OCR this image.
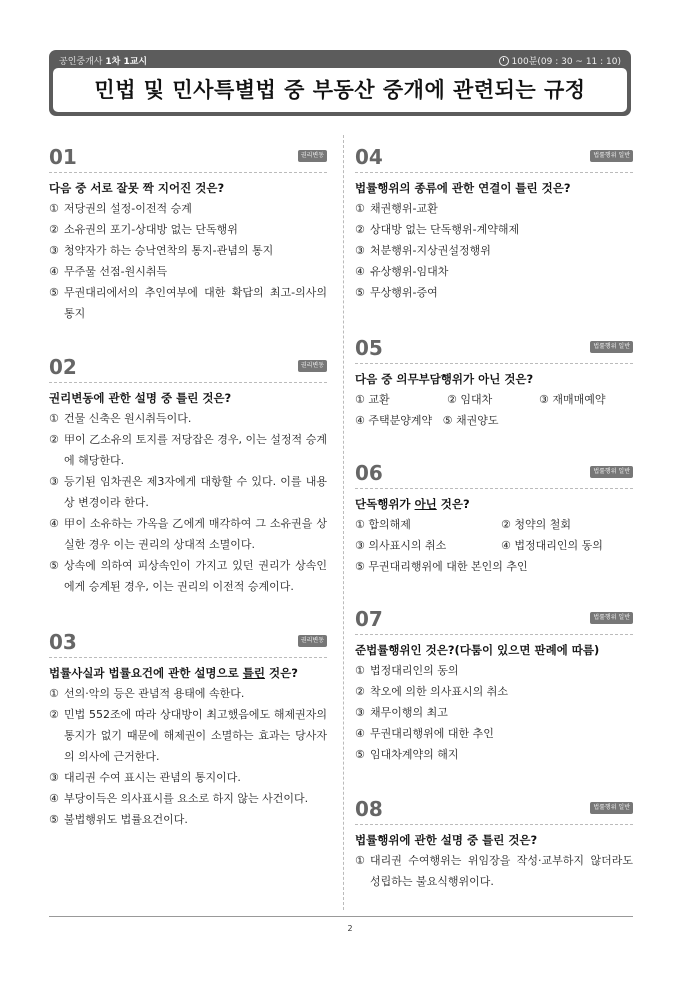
공인중개사 1차 1교시	100분(09 : 30 ~ 11 : 10)
민법 및 민사특별법 중 부동산 중개에 관련되는 규정
01	권리변동
다음 중 서로 잘못 짝 지어진 것은?
① 저당권의 설정-이전적 승계
② 소유권의 포기-상대방 없는 단독행위
③ 청약자가 하는 승낙연착의 통지-관념의 통지
④ 무주물 선점-원시취득
⑤ 무권대리에서의 추인여부에 대한 확답의 최고-의사의 통지
02	권리변동
권리변동에 관한 설명 중 틀린 것은?
① 건물 신축은 원시취득이다.
② 甲이 乙소유의 토지를 저당잡은 경우, 이는 설정적 승계에 해당한다.
③ 등기된 임차권은 제3자에게 대항할 수 있다. 이를 내용상 변경이라 한다.
④ 甲이 소유하는 가옥을 乙에게 매각하여 그 소유권을 상실한 경우 이는 권리의 상대적 소멸이다.
⑤ 상속에 의하여 피상속인이 가지고 있던 권리가 상속인에게 승계된 경우, 이는 권리의 이전적 승계이다.
03	권리변동
법률사실과 법률요건에 관한 설명으로 틀린 것은?
① 선의·악의 등은 관념적 용태에 속한다.
② 민법 552조에 따라 상대방이 최고했음에도 해제권자의 통지가 없기 때문에 해제권이 소멸하는 효과는 당사자의 의사에 근거한다.
③ 대리권 수여 표시는 관념의 통지이다.
④ 부당이득은 의사표시를 요소로 하지 않는 사건이다.
⑤ 불법행위도 법률요건이다.
04	법률행위 일반
법률행위의 종류에 관한 연결이 틀린 것은?
① 채권행위-교환
② 상대방 없는 단독행위-계약해제
③ 처분행위-지상권설정행위
④ 유상행위-임대차
⑤ 무상행위-증여
05	법률행위 일반
다음 중 의무부담행위가 아닌 것은?
① 교환	② 임대차	③ 재매매예약
④ 주택분양계약 ⑤ 채권양도
06	법률행위 일반
단독행위가 아닌 것은?
① 합의해제	② 청약의 철회
③ 의사표시의 취소	④ 법정대리인의 동의
⑤ 무권대리행위에 대한 본인의 추인
07	법률행위 일반
준법률행위인 것은?(다툼이 있으면 판례에 따름)
① 법정대리인의 동의
② 착오에 의한 의사표시의 취소
③ 채무이행의 최고
④ 무권대리행위에 대한 추인
⑤ 임대차계약의 해지
08	법률행위 일반
법률행위에 관한 설명 중 틀린 것은?
① 대리권 수여행위는 위임장을 작성·교부하지 않더라도 성립하는 불요식행위이다.
2
